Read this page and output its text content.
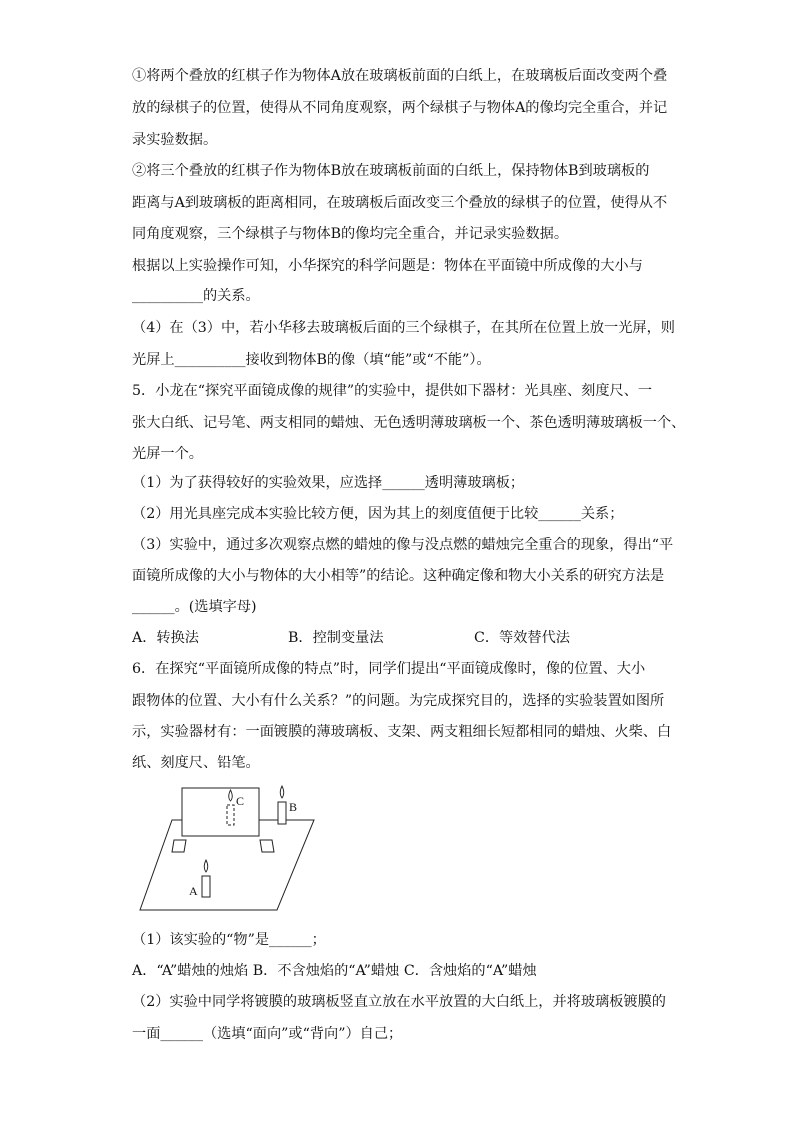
①将两个叠放的红棋子作为物体A放在玻璃板前面的白纸上，在玻璃板后面改变两个叠
放的绿棋子的位置，使得从不同角度观察，两个绿棋子与物体A的像均完全重合，并记
录实验数据。
②将三个叠放的红棋子作为物体B放在玻璃板前面的白纸上，保持物体B到玻璃板的
距离与A到玻璃板的距离相同，在玻璃板后面改变三个叠放的绿棋子的位置，使得从不
同角度观察，三个绿棋子与物体B的像均完全重合，并记录实验数据。
根据以上实验操作可知，小华探究的科学问题是：物体在平面镜中所成像的大小与
__________的关系。
（4）在（3）中，若小华移去玻璃板后面的三个绿棋子，在其所在位置上放一光屏，则
光屏上__________接收到物体B的像（填“能”或“不能”）。
5．小龙在“探究平面镜成像的规律”的实验中，提供如下器材：光具座、刻度尺、一
张大白纸、记号笔、两支相同的蜡烛、无色透明薄玻璃板一个、茶色透明薄玻璃板一个、
光屏一个。
（1）为了获得较好的实验效果，应选择______透明薄玻璃板；
（2）用光具座完成本实验比较方便，因为其上的刻度值便于比较______关系；
（3）实验中，通过多次观察点燃的蜡烛的像与没点燃的蜡烛完全重合的现象，得出“平
面镜所成像的大小与物体的大小相等”的结论。这种确定像和物大小关系的研究方法是
______。(选填字母)
A．转换法	B．控制变量法	C．等效替代法
6．在探究“平面镜所成像的特点”时，同学们提出“平面镜成像时，像的位置、大小
跟物体的位置、大小有什么关系？”的问题。为完成探究目的，选择的实验装置如图所
示，实验器材有：一面镀膜的薄玻璃板、支架、两支粗细长短都相同的蜡烛、火柴、白
纸、刻度尺、铅笔。
C	B
A
（1）该实验的“物”是______；
A．“A”蜡烛的烛焰 B．不含烛焰的“A”蜡烛 C．含烛焰的“A”蜡烛
（2）实验中同学将镀膜的玻璃板竖直立放在水平放置的大白纸上，并将玻璃板镀膜的
一面______（选填“面向”或“背向”）自己；
